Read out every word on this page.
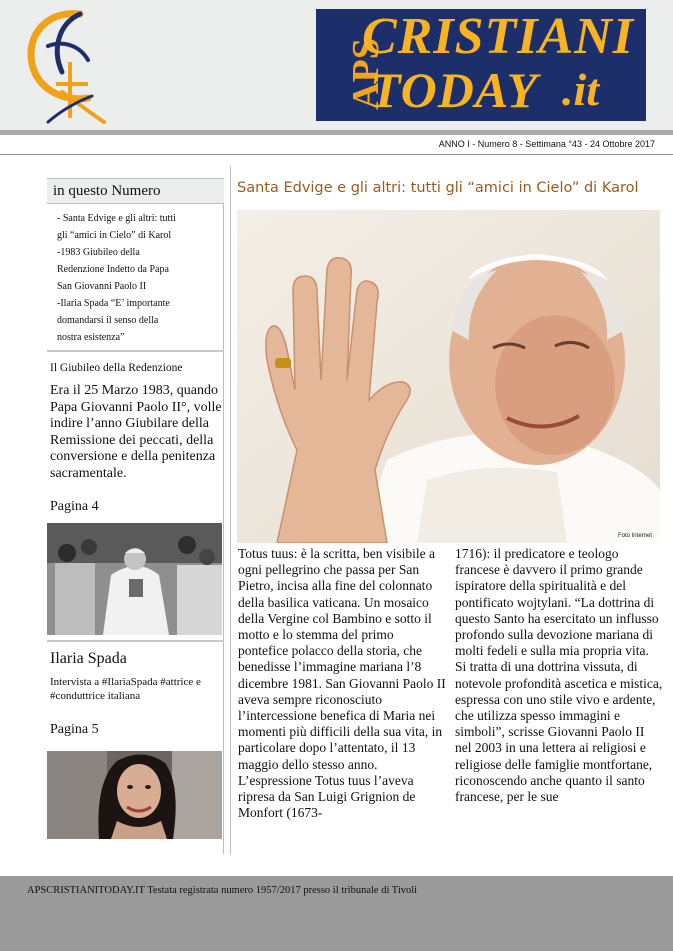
APS
CRISTIANI
TODAY .it
ANNO I - Numero 8 - Settimana °43 - 24 Ottobre 2017
in questo Numero
- Santa Edvige e gli altri: tutti
gli “amici in Cielo” di Karol
-1983 Giubileo della
Redenzione Indetto da Papa
San Giovanni Paolo II
-Ilaria Spada “E’ importante
domandarsi il senso della
nostra esistenza”
Il Giubileo della Redenzione
Era il 25 Marzo 1983, quando Papa Giovanni Paolo II°, volle indire l’anno Giubilare della Remissione dei peccati, della conversione e della penitenza sacramentale.
Pagina 4
Ilaria Spada
Intervista a #IlariaSpada #attrice e #conduttrice italiana
Pagina 5
Santa Edvige e gli altri: tutti gli “amici in Cielo” di Karol
Foto Internet
Totus tuus: è la scritta, ben visibile a ogni pellegrino che passa per San Pietro, incisa alla fine del colonnato della basilica vaticana. Un mosaico della Vergine col Bambino e sotto il motto e lo stemma del primo pontefice polacco della storia, che benedisse l’immagine mariana l’8 dicembre 1981. San Giovanni Paolo II aveva sempre riconosciuto l’intercessione benefica di Maria nei momenti più difficili della sua vita, in particolare dopo l’attentato, il 13 maggio dello stesso anno. L’espressione Totus tuus l’aveva ripresa da San Luigi Grignion de Monfort (1673-
1716): il predicatore e teologo francese è davvero il primo grande ispiratore della spiritualità e del pontificato wojtylani. “La dottrina di questo Santo ha esercitato un influsso profondo sulla devozione mariana di molti fedeli e sulla mia propria vita. Si tratta di una dottrina vissuta, di notevole profondità ascetica e mistica, espressa con uno stile vivo e ardente, che utilizza spesso immagini e simboli”, scrisse Giovanni Paolo II nel 2003 in una lettera ai religiosi e religiose delle famiglie montfortane, riconoscendo anche quanto il santo francese, per le sue
APSCRISTIANITODAY.IT Testata registrata numero 1957/2017 presso il tribunale di Tivoli
